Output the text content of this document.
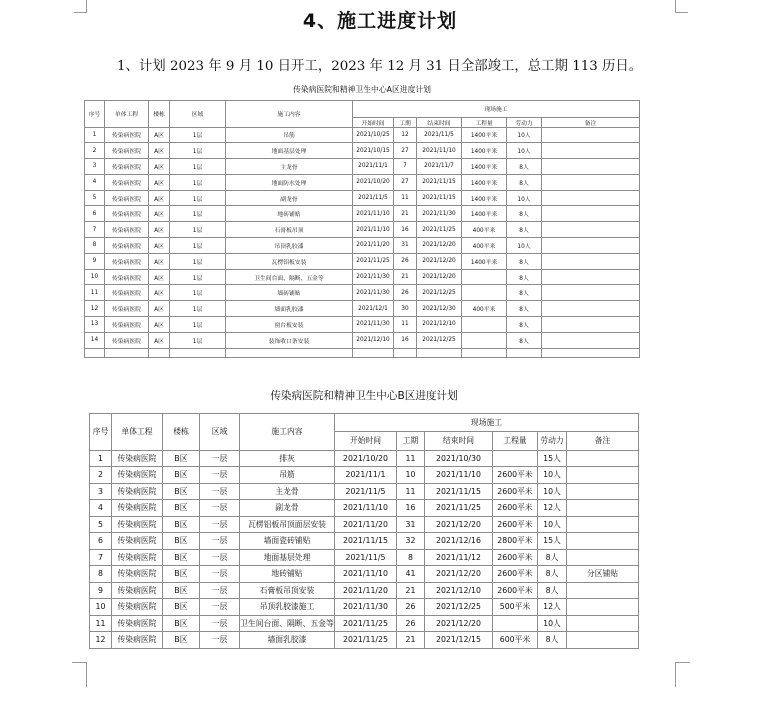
4、施工进度计划
1、计划 2023 年 9 月 10 日开工，2023 年 12 月 31 日全部竣工，总工期 113 历日。
传染病医院和精神卫生中心A区进度计划										
序号	单体工程	楼栋	区域	施工内容	现场施工					
					开始时间	工期	结束时间	工程量	劳动力	备注
1	传染病医院	A区	1层	吊筋	2021/10/25	12	2021/11/5	1400平米	10人	
2	传染病医院	A区	1层	地面基层处理	2021/10/15	27	2021/11/10	1400平米	10人	
3	传染病医院	A区	1层	主龙骨	2021/11/1	7	2021/11/7	1400平米	8人	
4	传染病医院	A区	1层	地面防水处理	2021/10/20	27	2021/11/15	1400平米	8人	
5	传染病医院	A区	1层	副龙骨	2021/11/5	11	2021/11/15	1400平米	10人	
6	传染病医院	A区	1层	地砖铺贴	2021/11/10	21	2021/11/30	1400平米	8人	
7	传染病医院	A区	1层	石膏板吊顶	2021/11/10	16	2021/11/25	400平米	8人	
8	传染病医院	A区	1层	吊顶乳胶漆	2021/11/20	31	2021/12/20	400平米	10人	
9	传染病医院	A区	1层	瓦楞铝板安装	2021/11/25	26	2021/12/20	1400平米	8人	
10	传染病医院	A区	1层	卫生间台面、隔断、五金等	2021/11/30	21	2021/12/20		8人	
11	传染病医院	A区	1层	墙砖铺贴	2021/11/30	26	2021/12/25		8人	
12	传染病医院	A区	1层	墙面乳胶漆	2021/12/1	30	2021/12/30	400平米	8人	
13	传染病医院	A区	1层	窗台板安装	2021/11/30	11	2021/12/10		8人	
14	传染病医院	A区	1层	装饰收口条安装	2021/12/10	16	2021/12/25		8人	

传染病医院和精神卫生中心B区进度计划										
序号	单体工程	楼栋	区域	施工内容	现场施工					
					开始时间	工期	结束时间	工程量	劳动力	备注
1	传染病医院	B区	一层	排灰	2021/10/20	11	2021/10/30		15人	
2	传染病医院	B区	一层	吊筋	2021/11/1	10	2021/11/10	2600平米	10人	
3	传染病医院	B区	一层	主龙骨	2021/11/5	11	2021/11/15	2600平米	10人	
4	传染病医院	B区	一层	副龙骨	2021/11/10	16	2021/11/25	2600平米	12人	
5	传染病医院	B区	一层	瓦楞铝板吊顶面层安装	2021/11/20	31	2021/12/20	2600平米	10人	
6	传染病医院	B区	一层	墙面瓷砖铺贴	2021/11/15	32	2021/12/16	2800平米	15人	
7	传染病医院	B区	一层	地面基层处理	2021/11/5	8	2021/11/12	2600平米	8人	
8	传染病医院	B区	一层	地砖铺贴	2021/11/10	41	2021/12/20	2600平米	8人	分区铺贴
9	传染病医院	B区	一层	石膏板吊顶安装	2021/11/20	21	2021/12/10	2600平米	8人	
10	传染病医院	B区	一层	吊顶乳胶漆施工	2021/11/30	26	2021/12/25	500平米	12人	
11	传染病医院	B区	一层	卫生间台面、隔断、五金等	2021/11/25	26	2021/12/20		10人	
12	传染病医院	B区	一层	墙面乳胶漆	2021/11/25	21	2021/12/15	600平米	8人	
